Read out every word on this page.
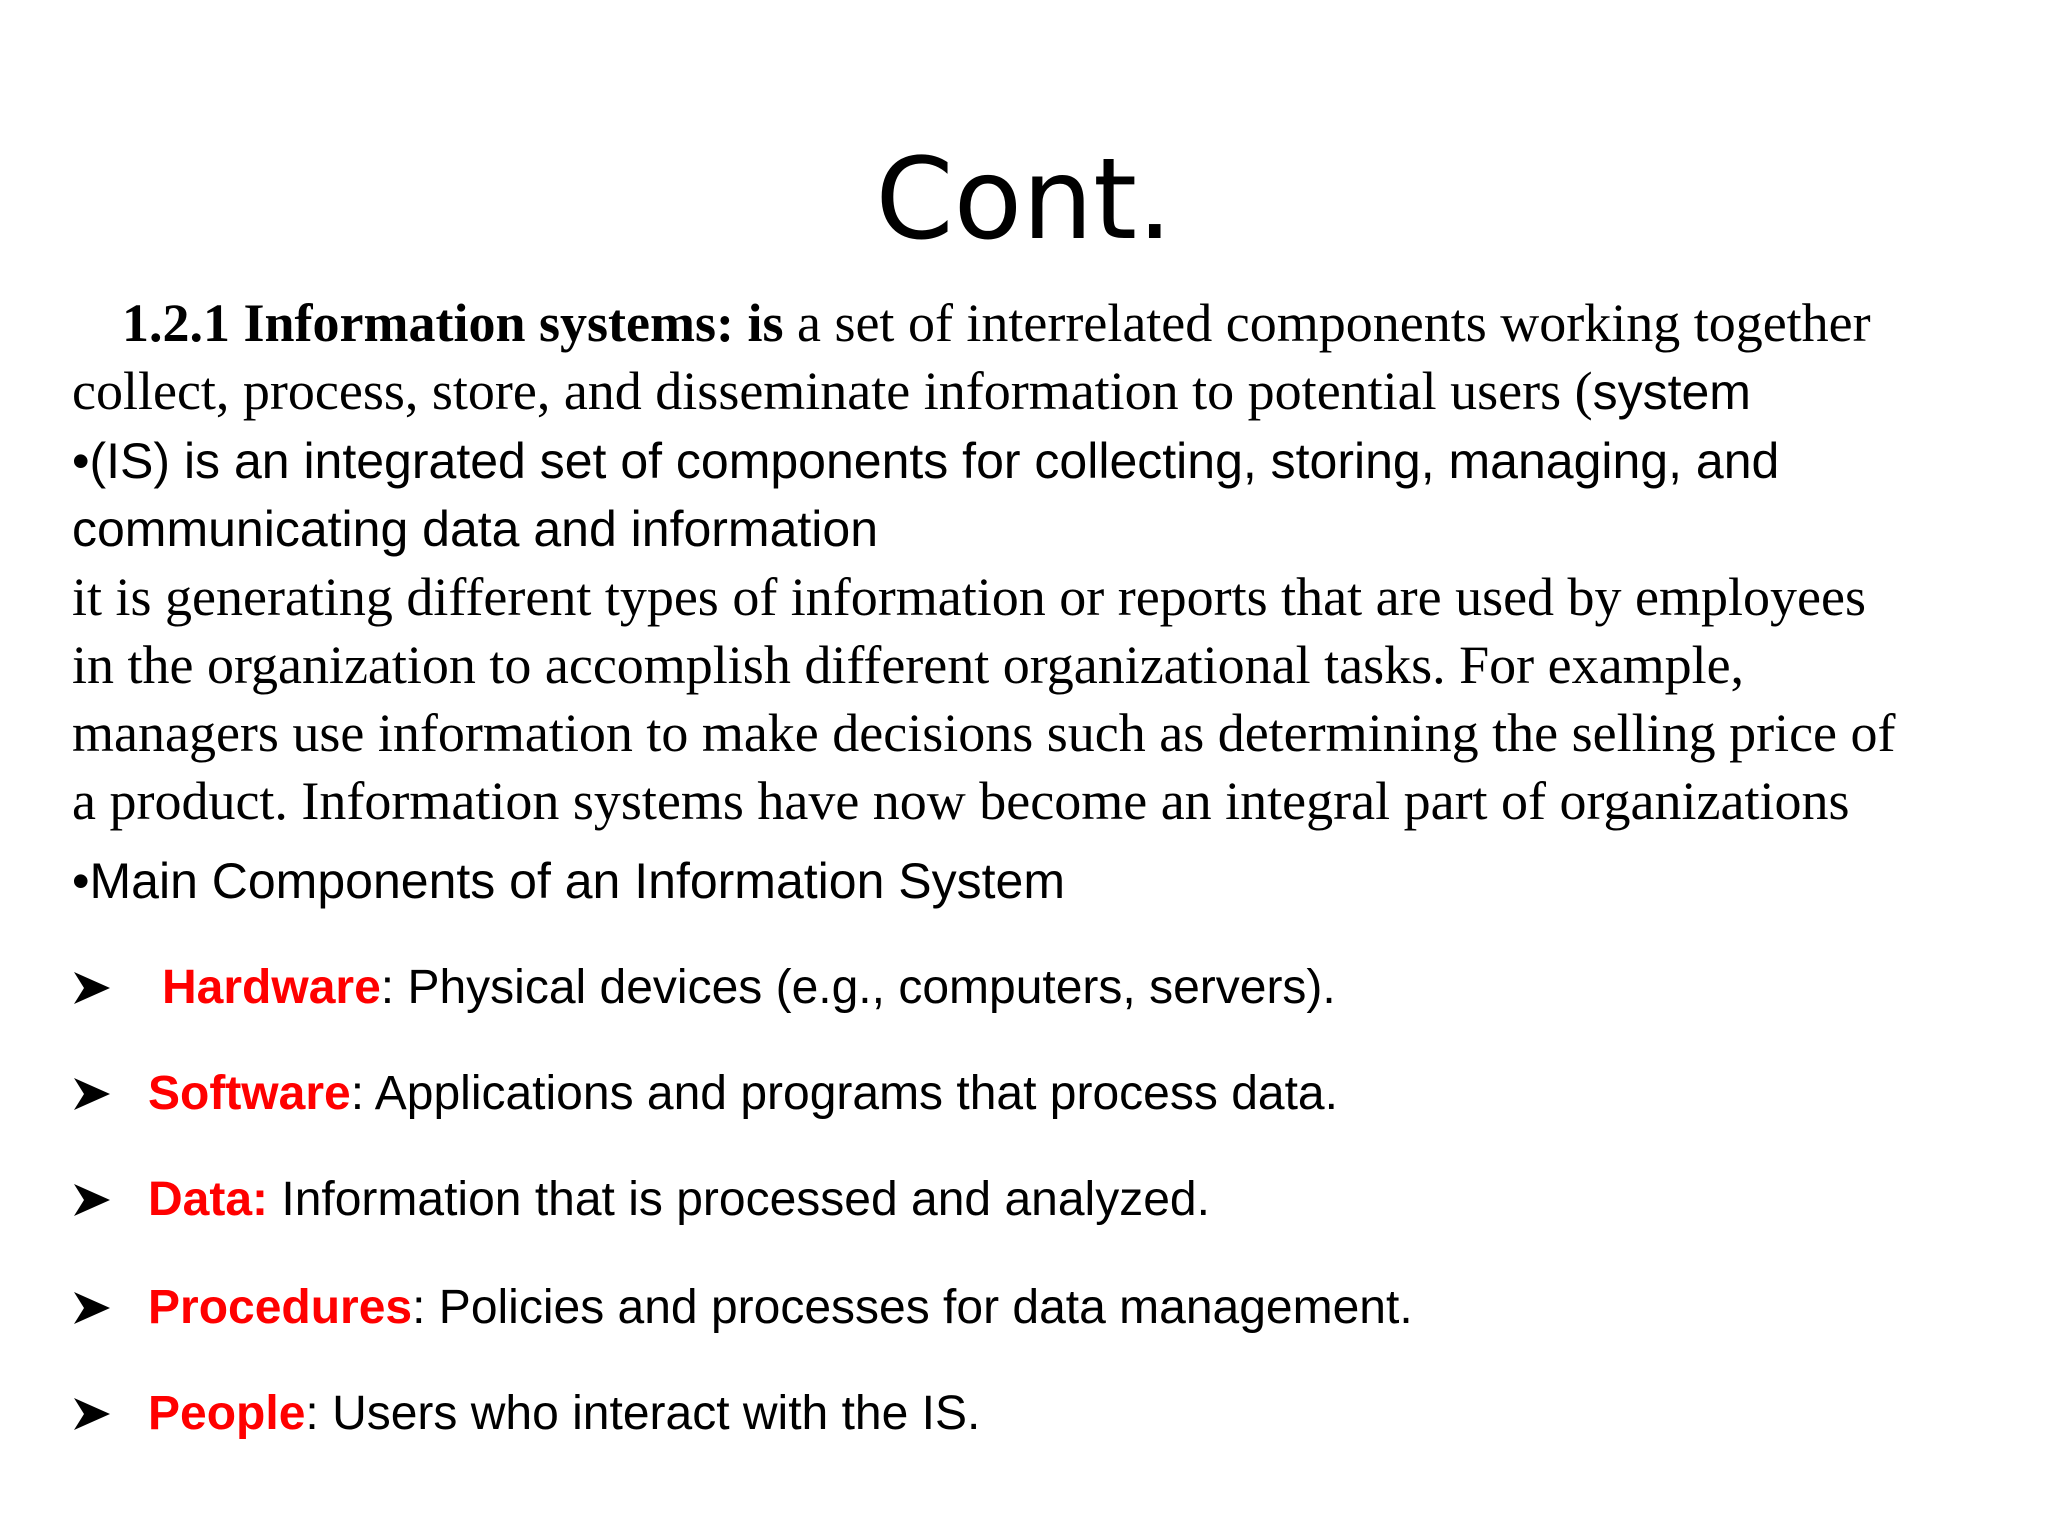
Cont.
1.2.1 Information systems: is a set of interrelated components working together
collect, process, store, and disseminate information to potential users (system
•(IS) is an integrated set of components for collecting, storing, managing, and
communicating data and information
it is generating different types of information or reports that are used by employees
in the organization to accomplish different organizational tasks. For example,
managers use information to make decisions such as determining the selling price of
a product. Information systems have now become an integral part of organizations
•Main Components of an Information System
Hardware: Physical devices (e.g., computers, servers).
Software: Applications and programs that process data.
Data: Information that is processed and analyzed.
Procedures: Policies and processes for data management.
People: Users who interact with the IS.
